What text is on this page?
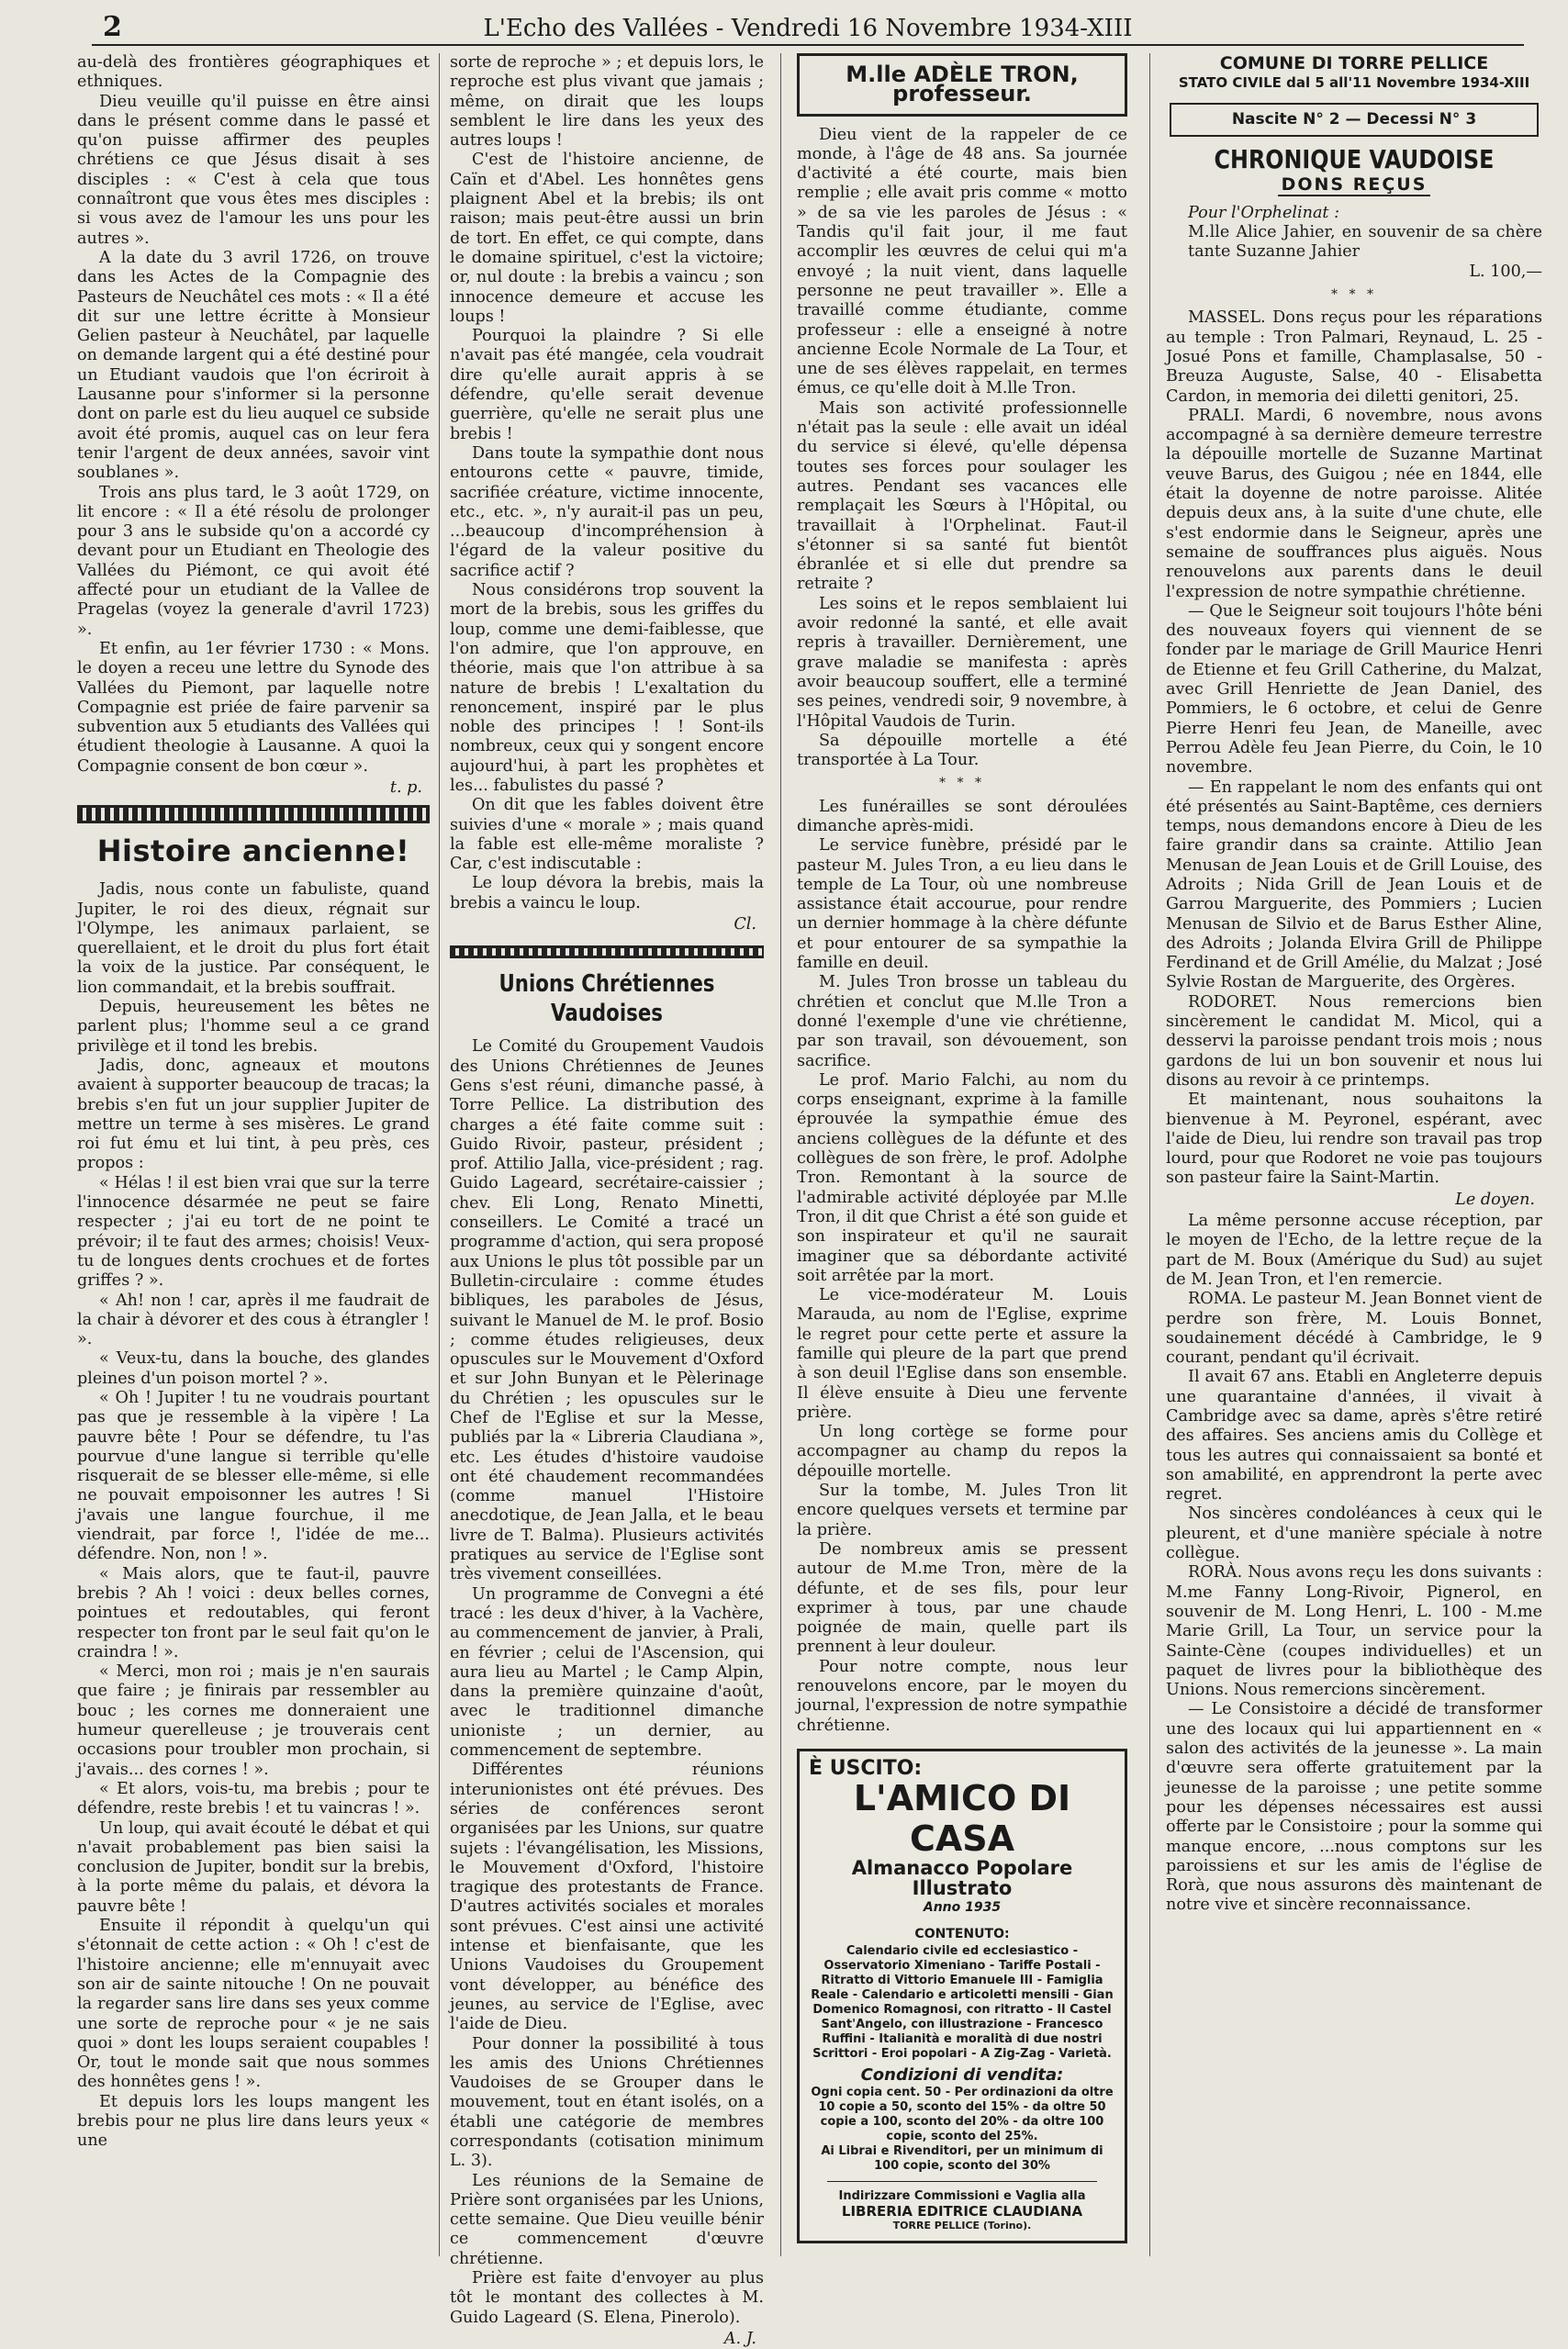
2	L'Echo des Vallées - Vendredi 16 Novembre 1934-XIII

au-delà des frontières géographiques et ethniques.

Dieu veuille qu'il puisse en être ainsi dans le présent comme dans le passé et qu'on puisse affirmer des peuples chrétiens ce que Jésus disait à ses disciples : « C'est à cela que tous connaîtront que vous êtes mes disciples : si vous avez de l'amour les uns pour les autres ».

A la date du 3 avril 1726, on trouve dans les Actes de la Compagnie des Pasteurs de Neuchâtel ces mots : « Il a été dit sur une lettre écritte à Monsieur Gelien pasteur à Neuchâtel, par laquelle on demande largent qui a été destiné pour un Etudiant vaudois que l'on écriroit à Lausanne pour s'informer si la personne dont on parle est du lieu auquel ce subside avoit été promis, auquel cas on leur fera tenir l'argent de deux années, savoir vint soublanes ».

Trois ans plus tard, le 3 août 1729, on lit encore : « Il a été résolu de prolonger pour 3 ans le subside qu'on a accordé cy devant pour un Etudiant en Theologie des Vallées du Piémont, ce qui avoit été affecté pour un etudiant de la Vallee de Pragelas (voyez la generale d'avril 1723) ».

Et enfin, au 1er février 1730 : « Mons. le doyen a receu une lettre du Synode des Vallées du Piemont, par laquelle notre Compagnie est priée de faire parvenir sa subvention aux 5 etudiants des Vallées qui étudient theologie à Lausanne. A quoi la Compagnie consent de bon cœur ».

t. p.
Histoire ancienne!

Jadis, nous conte un fabuliste, quand Jupiter, le roi des dieux, régnait sur l'Olympe, les animaux parlaient, se querellaient, et le droit du plus fort était la voix de la justice. Par conséquent, le lion commandait, et la brebis souffrait.

Depuis, heureusement les bêtes ne parlent plus; l'homme seul a ce grand privilège et il tond les brebis.

Jadis, donc, agneaux et moutons avaient à supporter beaucoup de tracas; la brebis s'en fut un jour supplier Jupiter de mettre un terme à ses misères. Le grand roi fut ému et lui tint, à peu près, ces propos :

« Hélas ! il est bien vrai que sur la terre l'innocence désarmée ne peut se faire respecter ; j'ai eu tort de ne point te prévoir; il te faut des armes; choisis! Veux-tu de longues dents crochues et de fortes griffes ? ».

« Ah! non ! car, après il me faudrait de la chair à dévorer et des cous à étrangler ! ».

« Veux-tu, dans la bouche, des glandes pleines d'un poison mortel ? ».

« Oh ! Jupiter ! tu ne voudrais pourtant pas que je ressemble à la vipère ! La pauvre bête ! Pour se défendre, tu l'as pourvue d'une langue si terrible qu'elle risquerait de se blesser elle-même, si elle ne pouvait empoisonner les autres ! Si j'avais une langue fourchue, il me viendrait, par force !, l'idée de me... défendre. Non, non ! ».

« Mais alors, que te faut-il, pauvre brebis ? Ah ! voici : deux belles cornes, pointues et redoutables, qui feront respecter ton front par le seul fait qu'on le craindra ! ».

« Merci, mon roi ; mais je n'en saurais que faire ; je finirais par ressembler au bouc ; les cornes me donneraient une humeur querelleuse ; je trouverais cent occasions pour troubler mon prochain, si j'avais... des cornes ! ».

« Et alors, vois-tu, ma brebis ; pour te défendre, reste brebis ! et tu vaincras ! ».

Un loup, qui avait écouté le débat et qui n'avait probablement pas bien saisi la conclusion de Jupiter, bondit sur la brebis, à la porte même du palais, et dévora la pauvre bête !

Ensuite il répondit à quelqu'un qui s'étonnait de cette action : « Oh ! c'est de l'histoire ancienne; elle m'ennuyait avec son air de sainte nitouche ! On ne pouvait la regarder sans lire dans ses yeux comme une sorte de reproche pour « je ne sais quoi » dont les loups seraient coupables ! Or, tout le monde sait que nous sommes des honnêtes gens ! ».

Et depuis lors les loups mangent les brebis pour ne plus lire dans leurs yeux « une

sorte de reproche » ; et depuis lors, le reproche est plus vivant que jamais ; même, on dirait que les loups semblent le lire dans les yeux des autres loups !

C'est de l'histoire ancienne, de Caïn et d'Abel. Les honnêtes gens plaignent Abel et la brebis; ils ont raison; mais peut-être aussi un brin de tort. En effet, ce qui compte, dans le domaine spirituel, c'est la victoire; or, nul doute : la brebis a vaincu ; son innocence demeure et accuse les loups !

Pourquoi la plaindre ? Si elle n'avait pas été mangée, cela voudrait dire qu'elle aurait appris à se défendre, qu'elle serait devenue guerrière, qu'elle ne serait plus une brebis !

Dans toute la sympathie dont nous entourons cette « pauvre, timide, sacrifiée créature, victime innocente, etc., etc. », n'y aurait-il pas un peu, ...beaucoup d'incompréhension à l'égard de la valeur positive du sacrifice actif ?

Nous considérons trop souvent la mort de la brebis, sous les griffes du loup, comme une demi-faiblesse, que l'on admire, que l'on approuve, en théorie, mais que l'on attribue à sa nature de brebis ! L'exaltation du renoncement, inspiré par le plus noble des principes ! ! Sont-ils nombreux, ceux qui y songent encore aujourd'hui, à part les prophètes et les... fabulistes du passé ?

On dit que les fables doivent être suivies d'une « morale » ; mais quand la fable est elle-même moraliste ? Car, c'est indiscutable :

Le loup dévora la brebis, mais la brebis a vaincu le loup.

Cl.
Unions Chrétiennes Vaudoises

Le Comité du Groupement Vaudois des Unions Chrétiennes de Jeunes Gens s'est réuni, dimanche passé, à Torre Pellice. La distribution des charges a été faite comme suit : Guido Rivoir, pasteur, président ; prof. Attilio Jalla, vice-président ; rag. Guido Lageard, secrétaire-caissier ; chev. Eli Long, Renato Minetti, conseillers. Le Comité a tracé un programme d'action, qui sera proposé aux Unions le plus tôt possible par un Bulletin-circulaire : comme études bibliques, les paraboles de Jésus, suivant le Manuel de M. le prof. Bosio ; comme études religieuses, deux opuscules sur le Mouvement d'Oxford et sur John Bunyan et le Pèlerinage du Chrétien ; les opuscules sur le Chef de l'Eglise et sur la Messe, publiés par la « Libreria Claudiana », etc. Les études d'histoire vaudoise ont été chaudement recommandées (comme manuel l'Histoire anecdotique, de Jean Jalla, et le beau livre de T. Balma). Plusieurs activités pratiques au service de l'Eglise sont très vivement conseillées.

Un programme de Convegni a été tracé : les deux d'hiver, à la Vachère, au commencement de janvier, à Prali, en février ; celui de l'Ascension, qui aura lieu au Martel ; le Camp Alpin, dans la première quinzaine d'août, avec le traditionnel dimanche unioniste ; un dernier, au commencement de septembre.

Différentes réunions interunionistes ont été prévues. Des séries de conférences seront organisées par les Unions, sur quatre sujets : l'évangélisation, les Missions, le Mouvement d'Oxford, l'histoire tragique des protestants de France. D'autres activités sociales et morales sont prévues. C'est ainsi une activité intense et bienfaisante, que les Unions Vaudoises du Groupement vont développer, au bénéfice des jeunes, au service de l'Eglise, avec l'aide de Dieu.

Pour donner la possibilité à tous les amis des Unions Chrétiennes Vaudoises de se Grouper dans le mouvement, tout en étant isolés, on a établi une catégorie de membres correspondants (cotisation minimum L. 3).

Les réunions de la Semaine de Prière sont organisées par les Unions, cette semaine. Que Dieu veuille bénir ce commencement d'œuvre chrétienne.

Prière est faite d'envoyer au plus tôt le montant des collectes à M. Guido Lageard (S. Elena, Pinerolo).

A. J.
M.lle ADÈLE TRON, professeur.

Dieu vient de la rappeler de ce monde, à l'âge de 48 ans. Sa journée d'activité a été courte, mais bien remplie ; elle avait pris comme « motto » de sa vie les paroles de Jésus : « Tandis qu'il fait jour, il me faut accomplir les œuvres de celui qui m'a envoyé ; la nuit vient, dans laquelle personne ne peut travailler ». Elle a travaillé comme étudiante, comme professeur : elle a enseigné à notre ancienne Ecole Normale de La Tour, et une de ses élèves rappelait, en termes émus, ce qu'elle doit à M.lle Tron.

Mais son activité professionnelle n'était pas la seule : elle avait un idéal du service si élevé, qu'elle dépensa toutes ses forces pour soulager les autres. Pendant ses vacances elle remplaçait les Sœurs à l'Hôpital, ou travaillait à l'Orphelinat. Faut-il s'étonner si sa santé fut bientôt ébranlée et si elle dut prendre sa retraite ?

Les soins et le repos semblaient lui avoir redonné la santé, et elle avait repris à travailler. Dernièrement, une grave maladie se manifesta : après avoir beaucoup souffert, elle a terminé ses peines, vendredi soir, 9 novembre, à l'Hôpital Vaudois de Turin.

Sa dépouille mortelle a été transportée à La Tour.

* * *

Les funérailles se sont déroulées dimanche après-midi.

Le service funèbre, présidé par le pasteur M. Jules Tron, a eu lieu dans le temple de La Tour, où une nombreuse assistance était accourue, pour rendre un dernier hommage à la chère défunte et pour entourer de sa sympathie la famille en deuil.

M. Jules Tron brosse un tableau du chrétien et conclut que M.lle Tron a donné l'exemple d'une vie chrétienne, par son travail, son dévouement, son sacrifice.

Le prof. Mario Falchi, au nom du corps enseignant, exprime à la famille éprouvée la sympathie émue des anciens collègues de la défunte et des collègues de son frère, le prof. Adolphe Tron. Remontant à la source de l'admirable activité déployée par M.lle Tron, il dit que Christ a été son guide et son inspirateur et qu'il ne saurait imaginer que sa débordante activité soit arrêtée par la mort.

Le vice-modérateur M. Louis Marauda, au nom de l'Eglise, exprime le regret pour cette perte et assure la famille qui pleure de la part que prend à son deuil l'Eglise dans son ensemble. Il élève ensuite à Dieu une fervente prière.

Un long cortège se forme pour accompagner au champ du repos la dépouille mortelle.

Sur la tombe, M. Jules Tron lit encore quelques versets et termine par la prière.

De nombreux amis se pressent autour de M.me Tron, mère de la défunte, et de ses fils, pour leur exprimer à tous, par une chaude poignée de main, quelle part ils prennent à leur douleur.

Pour notre compte, nous leur renouvelons encore, par le moyen du journal, l'expression de notre sympathie chrétienne.

È USCITO:
L'AMICO DI CASA
Almanacco Popolare Illustrato
Anno 1935
CONTENUTO:
Calendario civile ed ecclesiastico - Osservatorio Ximeniano - Tariffe Postali - Ritratto di Vittorio Emanuele III - Famiglia Reale - Calendario e articoletti mensili - Gian Domenico Romagnosi, con ritratto - Il Castel Sant'Angelo, con illustrazione - Francesco Ruffini - Italianità e moralità di due nostri Scrittori - Eroi popolari - A Zig-Zag - Varietà.
Condizioni di vendita:
Ogni copia cent. 50 - Per ordinazioni da oltre 10 copie a 50, sconto del 15% - da oltre 50 copie a 100, sconto del 20% - da oltre 100 copie, sconto del 25%.
Ai Librai e Rivenditori, per un minimum di 100 copie, sconto del 30%
Indirizzare Commissioni e Vaglia alla
LIBRERIA EDITRICE CLAUDIANA
TORRE PELLICE (Torino).
COMUNE DI TORRE PELLICE
STATO CIVILE dal 5 all'11 Novembre 1934-XIII
Nascite N° 2 — Decessi N° 3
CHRONIQUE VAUDOISE
DONS REÇUS

Pour l'Orphelinat :

M.lle Alice Jahier, en souvenir de sa chère tante Suzanne Jahier
L. 100,—
* * *

MASSEL. Dons reçus pour les réparations au temple : Tron Palmari, Reynaud, L. 25 - Josué Pons et famille, Champlasalse, 50 - Breuza Auguste, Salse, 40 - Elisabetta Cardon, in memoria dei diletti genitori, 25.

PRALI. Mardi, 6 novembre, nous avons accompagné à sa dernière demeure terrestre la dépouille mortelle de Suzanne Martinat veuve Barus, des Guigou ; née en 1844, elle était la doyenne de notre paroisse. Alitée depuis deux ans, à la suite d'une chute, elle s'est endormie dans le Seigneur, après une semaine de souffrances plus aiguës. Nous renouvelons aux parents dans le deuil l'expression de notre sympathie chrétienne.

— Que le Seigneur soit toujours l'hôte béni des nouveaux foyers qui viennent de se fonder par le mariage de Grill Maurice Henri de Etienne et feu Grill Catherine, du Malzat, avec Grill Henriette de Jean Daniel, des Pommiers, le 6 octobre, et celui de Genre Pierre Henri feu Jean, de Maneille, avec Perrou Adèle feu Jean Pierre, du Coin, le 10 novembre.

— En rappelant le nom des enfants qui ont été présentés au Saint-Baptême, ces derniers temps, nous demandons encore à Dieu de les faire grandir dans sa crainte. Attilio Jean Menusan de Jean Louis et de Grill Louise, des Adroits ; Nida Grill de Jean Louis et de Garrou Marguerite, des Pommiers ; Lucien Menusan de Silvio et de Barus Esther Aline, des Adroits ; Jolanda Elvira Grill de Philippe Ferdinand et de Grill Amélie, du Malzat ; José Sylvie Rostan de Marguerite, des Orgères.

RODORET. Nous remercions bien sincèrement le candidat M. Micol, qui a desservi la paroisse pendant trois mois ; nous gardons de lui un bon souvenir et nous lui disons au revoir à ce printemps.

Et maintenant, nous souhaitons la bienvenue à M. Peyronel, espérant, avec l'aide de Dieu, lui rendre son travail pas trop lourd, pour que Rodoret ne voie pas toujours son pasteur faire la Saint-Martin.

Le doyen.

La même personne accuse réception, par le moyen de l'Echo, de la lettre reçue de la part de M. Boux (Amérique du Sud) au sujet de M. Jean Tron, et l'en remercie.

ROMA. Le pasteur M. Jean Bonnet vient de perdre son frère, M. Louis Bonnet, soudainement décédé à Cambridge, le 9 courant, pendant qu'il écrivait.

Il avait 67 ans. Etabli en Angleterre depuis une quarantaine d'années, il vivait à Cambridge avec sa dame, après s'être retiré des affaires. Ses anciens amis du Collège et tous les autres qui connaissaient sa bonté et son amabilité, en apprendront la perte avec regret.

Nos sincères condoléances à ceux qui le pleurent, et d'une manière spéciale à notre collègue.

RORÀ. Nous avons reçu les dons suivants : M.me Fanny Long-Rivoir, Pignerol, en souvenir de M. Long Henri, L. 100 - M.me Marie Grill, La Tour, un service pour la Sainte-Cène (coupes individuelles) et un paquet de livres pour la bibliothèque des Unions. Nous remercions sincèrement.

— Le Consistoire a décidé de transformer une des locaux qui lui appartiennent en « salon des activités de la jeunesse ». La main d'œuvre sera offerte gratuitement par la jeunesse de la paroisse ; une petite somme pour les dépenses nécessaires est aussi offerte par le Consistoire ; pour la somme qui manque encore, ...nous comptons sur les paroissiens et sur les amis de l'église de Rorà, que nous assurons dès maintenant de notre vive et sincère reconnaissance.
